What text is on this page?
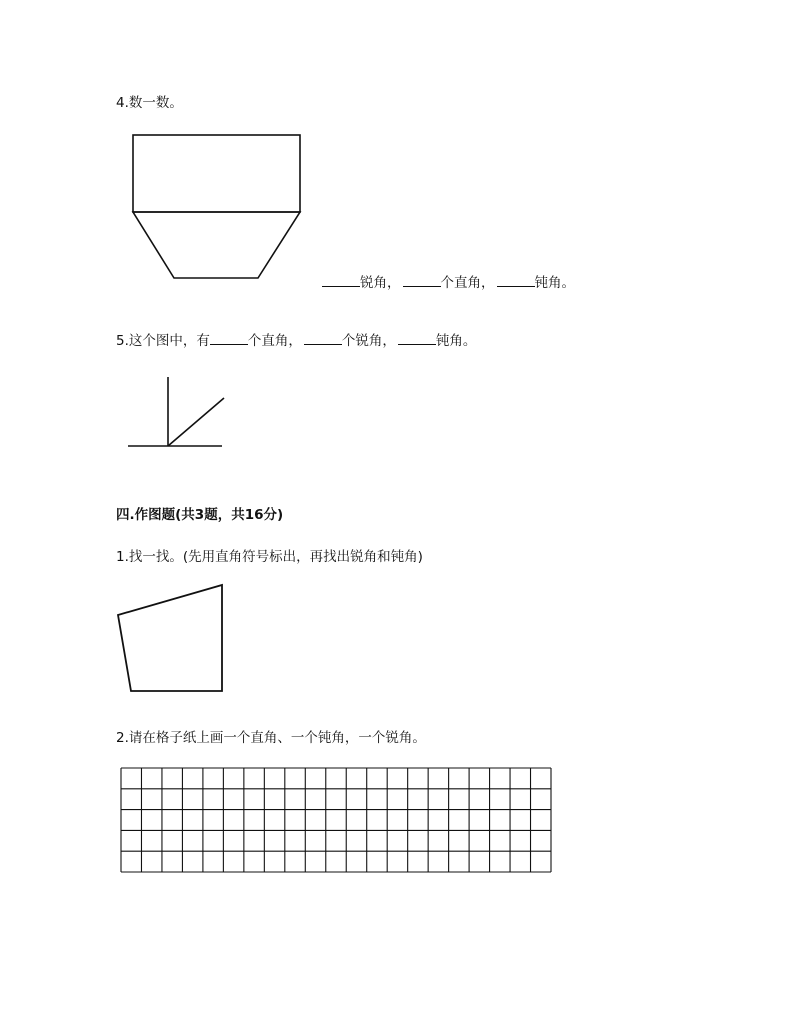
4.数一数。
锐角，	个直角，	钝角。
5.这个图中，有	个直角，	个锐角，	钝角。
四.作图题(共3题，共16分)
1.找一找。(先用直角符号标出，再找出锐角和钝角)
2.请在格子纸上画一个直角、一个钝角，一个锐角。
